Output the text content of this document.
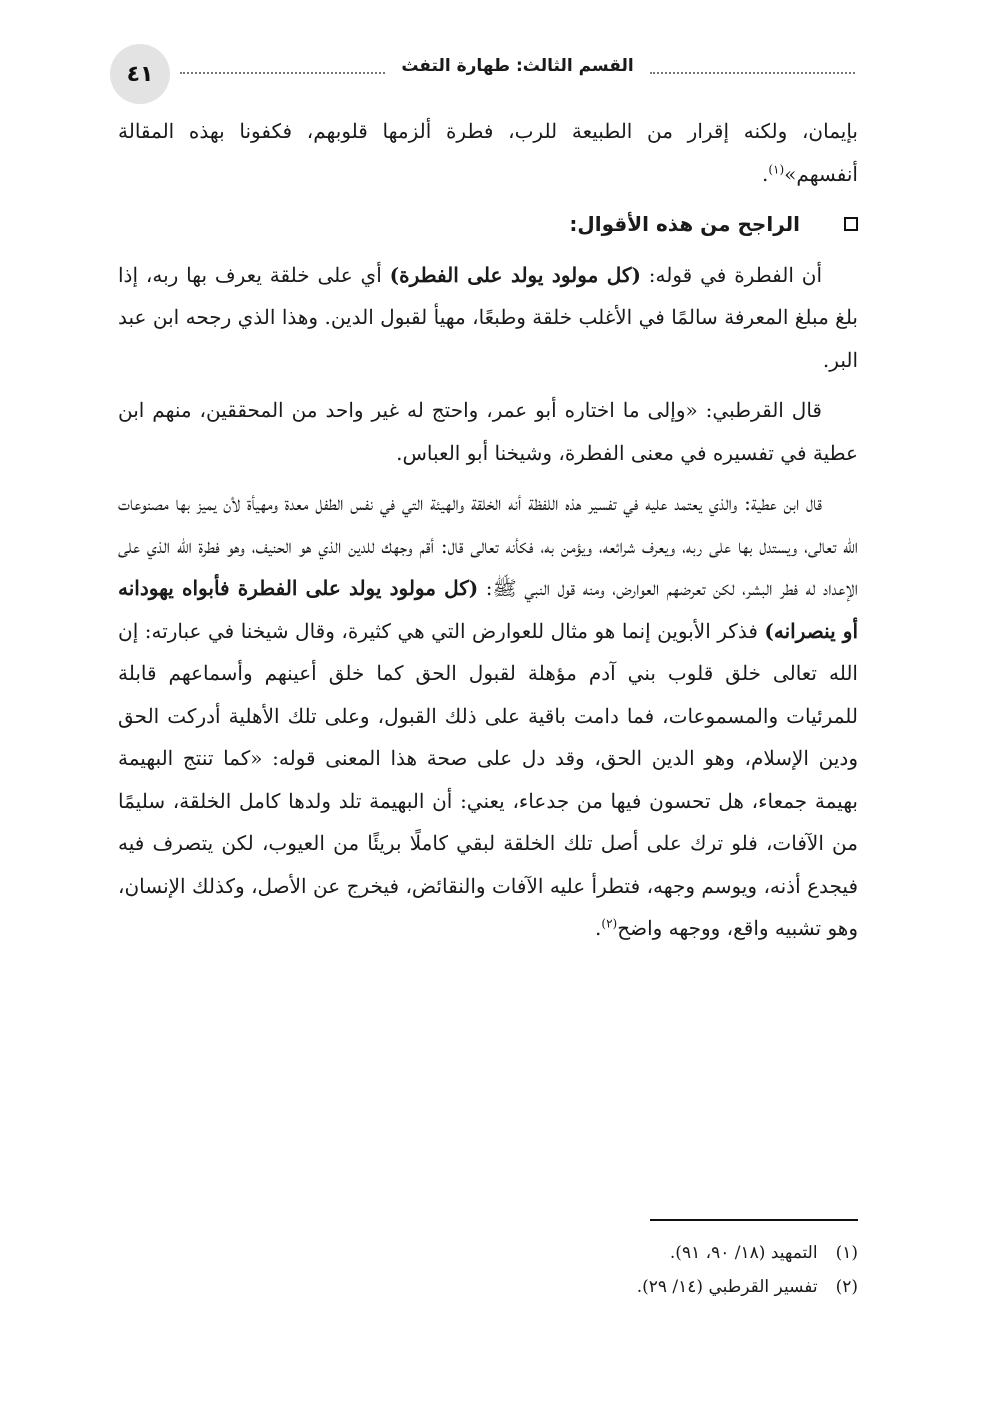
٤١	القسم الثالث: طهارة التفث

بإيمان، ولكنه إقرار من الطبيعة للرب، فطرة ألزمها قلوبهم، فكفونا بهذه المقالة أنفسهم»$^{(١)}$.

الراجح من هذه الأقوال:

أن الفطرة في قوله: (كل مولود يولد على الفطرة) أي على خلقة يعرف بها ربه، إذا بلغ مبلغ المعرفة سالمًا في الأغلب خلقة وطبعًا، مهيأ لقبول الدين. وهذا الذي رجحه ابن عبد البر.

قال القرطبي: «وإلى ما اختاره أبو عمر، واحتج له غير واحد من المحققين، منهم ابن عطية في تفسيره في معنى الفطرة، وشيخنا أبو العباس.

قال ابن عطية: والذي يعتمد عليه في تفسير هذه اللفظة أنه الخلقة والهيئة التي في نفس الطفل معدة ومهيأة لأن يميز بها مصنوعات الله تعالى، ويستدل بها على ربه، ويعرف شرائعه، ويؤمن به، فكأنه تعالى قال: أقم وجهك للدين الذي هو الحنيف، وهو فطرة الله الذي على الإعداد له فطر البشر، لكن تعرضهم العوارض، ومنه قول النبي ﷺ: (كل مولود يولد على الفطرة فأبواه يهودانه أو ينصرانه) فذكر الأبوين إنما هو مثال للعوارض التي هي كثيرة، وقال شيخنا في عبارته: إن الله تعالى خلق قلوب بني آدم مؤهلة لقبول الحق كما خلق أعينهم وأسماعهم قابلة للمرئيات والمسموعات، فما دامت باقية على ذلك القبول، وعلى تلك الأهلية أدركت الحق ودين الإسلام، وهو الدين الحق، وقد دل على صحة هذا المعنى قوله: «كما تنتج البهيمة بهيمة جمعاء، هل تحسون فيها من جدعاء، يعني: أن البهيمة تلد ولدها كامل الخلقة، سليمًا من الآفات، فلو ترك على أصل تلك الخلقة لبقي كاملًا بريئًا من العيوب، لكن يتصرف فيه فيجدع أذنه، ويوسم وجهه، فتطرأ عليه الآفات والنقائض، فيخرج عن الأصل، وكذلك الإنسان، وهو تشبيه واقع، ووجهه واضح$^{(٢)}$.

(١)
التمهيد (١٨/ ٩٠، ٩١).
(٢)
تفسير القرطبي (١٤/ ٢٩).
